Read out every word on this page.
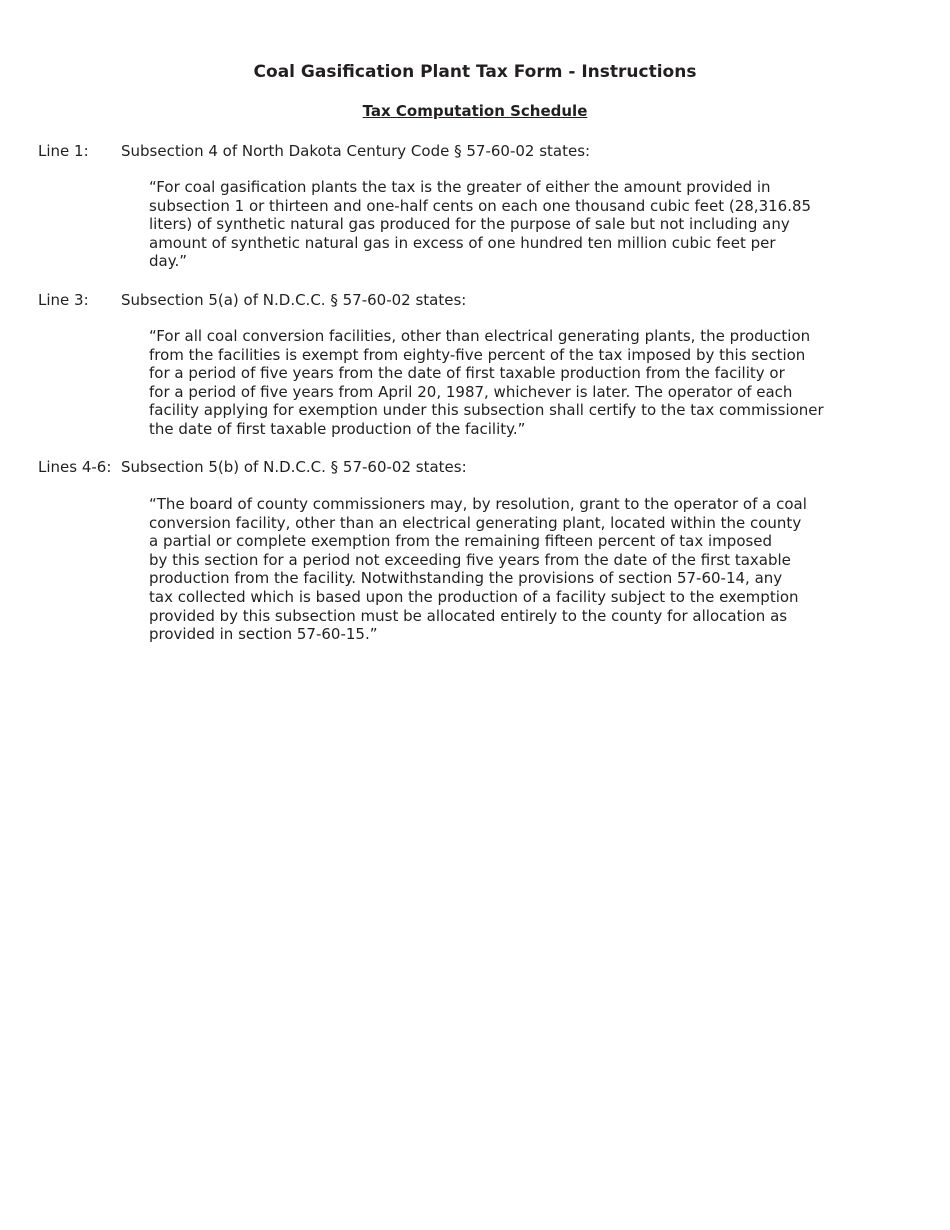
Coal Gasification Plant Tax Form - Instructions
Tax Computation Schedule
Line 1: Subsection 4 of North Dakota Century Code § 57-60-02 states:
“For coal gasification plants the tax is the greater of either the amount provided in
subsection 1 or thirteen and one-half cents on each one thousand cubic feet (28,316.85
liters) of synthetic natural gas produced for the purpose of sale but not including any
amount of synthetic natural gas in excess of one hundred ten million cubic feet per
day.”
Line 3: Subsection 5(a) of N.D.C.C. § 57-60-02 states:
“For all coal conversion facilities, other than electrical generating plants, the production
from the facilities is exempt from eighty-five percent of the tax imposed by this section
for a period of five years from the date of first taxable production from the facility or
for a period of five years from April 20, 1987, whichever is later. The operator of each
facility applying for exemption under this subsection shall certify to the tax commissioner
the date of first taxable production of the facility.”
Lines 4-6: Subsection 5(b) of N.D.C.C. § 57-60-02 states:
“The board of county commissioners may, by resolution, grant to the operator of a coal
conversion facility, other than an electrical generating plant, located within the county
a partial or complete exemption from the remaining fifteen percent of tax imposed
by this section for a period not exceeding five years from the date of the first taxable
production from the facility. Notwithstanding the provisions of section 57-60-14, any
tax collected which is based upon the production of a facility subject to the exemption
provided by this subsection must be allocated entirely to the county for allocation as
provided in section 57-60-15.”
